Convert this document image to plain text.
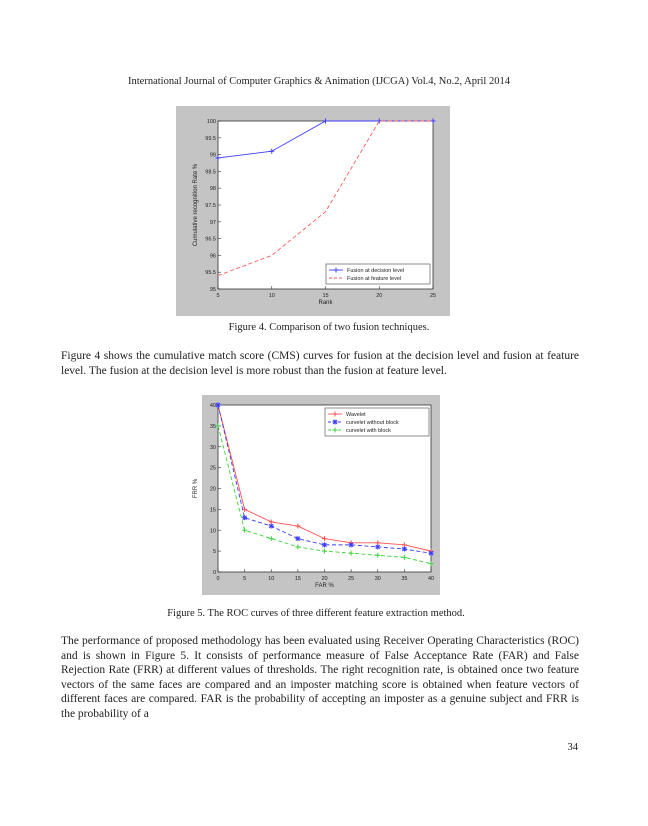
International Journal of Computer Graphics & Animation (IJCGA) Vol.4, No.2, April 2014
5	10	15	20	25
95
95.5
96
96.5
97
97.5
98
98.5
99
99.5
100
Rank
Cumulative recognition Rate %
Fusion at decision level
Fusion at feature level
Figure 4. Comparison of two fusion techniques.
Figure 4 shows the cumulative match score (CMS) curves for fusion at the decision level and fusion at feature level. The fusion at the decision level is more robust than the fusion at feature level.
0	5	10	15	20	25	30	35	40
0
5
10
15
20
25
30
35
40
FAR %
FRR %
Wavelet
curvelet without block
curvelet with block
Figure 5. The ROC curves of three different feature extraction method.
The performance of proposed methodology has been evaluated using Receiver Operating Characteristics (ROC) and is shown in Figure 5. It consists of performance measure of False Acceptance Rate (FAR) and False Rejection Rate (FRR) at different values of thresholds. The right recognition rate, is obtained once two feature vectors of the same faces are compared and an imposter matching score is obtained when feature vectors of different faces are compared. FAR is the probability of accepting an imposter as a genuine subject and FRR is the probability of a
34
